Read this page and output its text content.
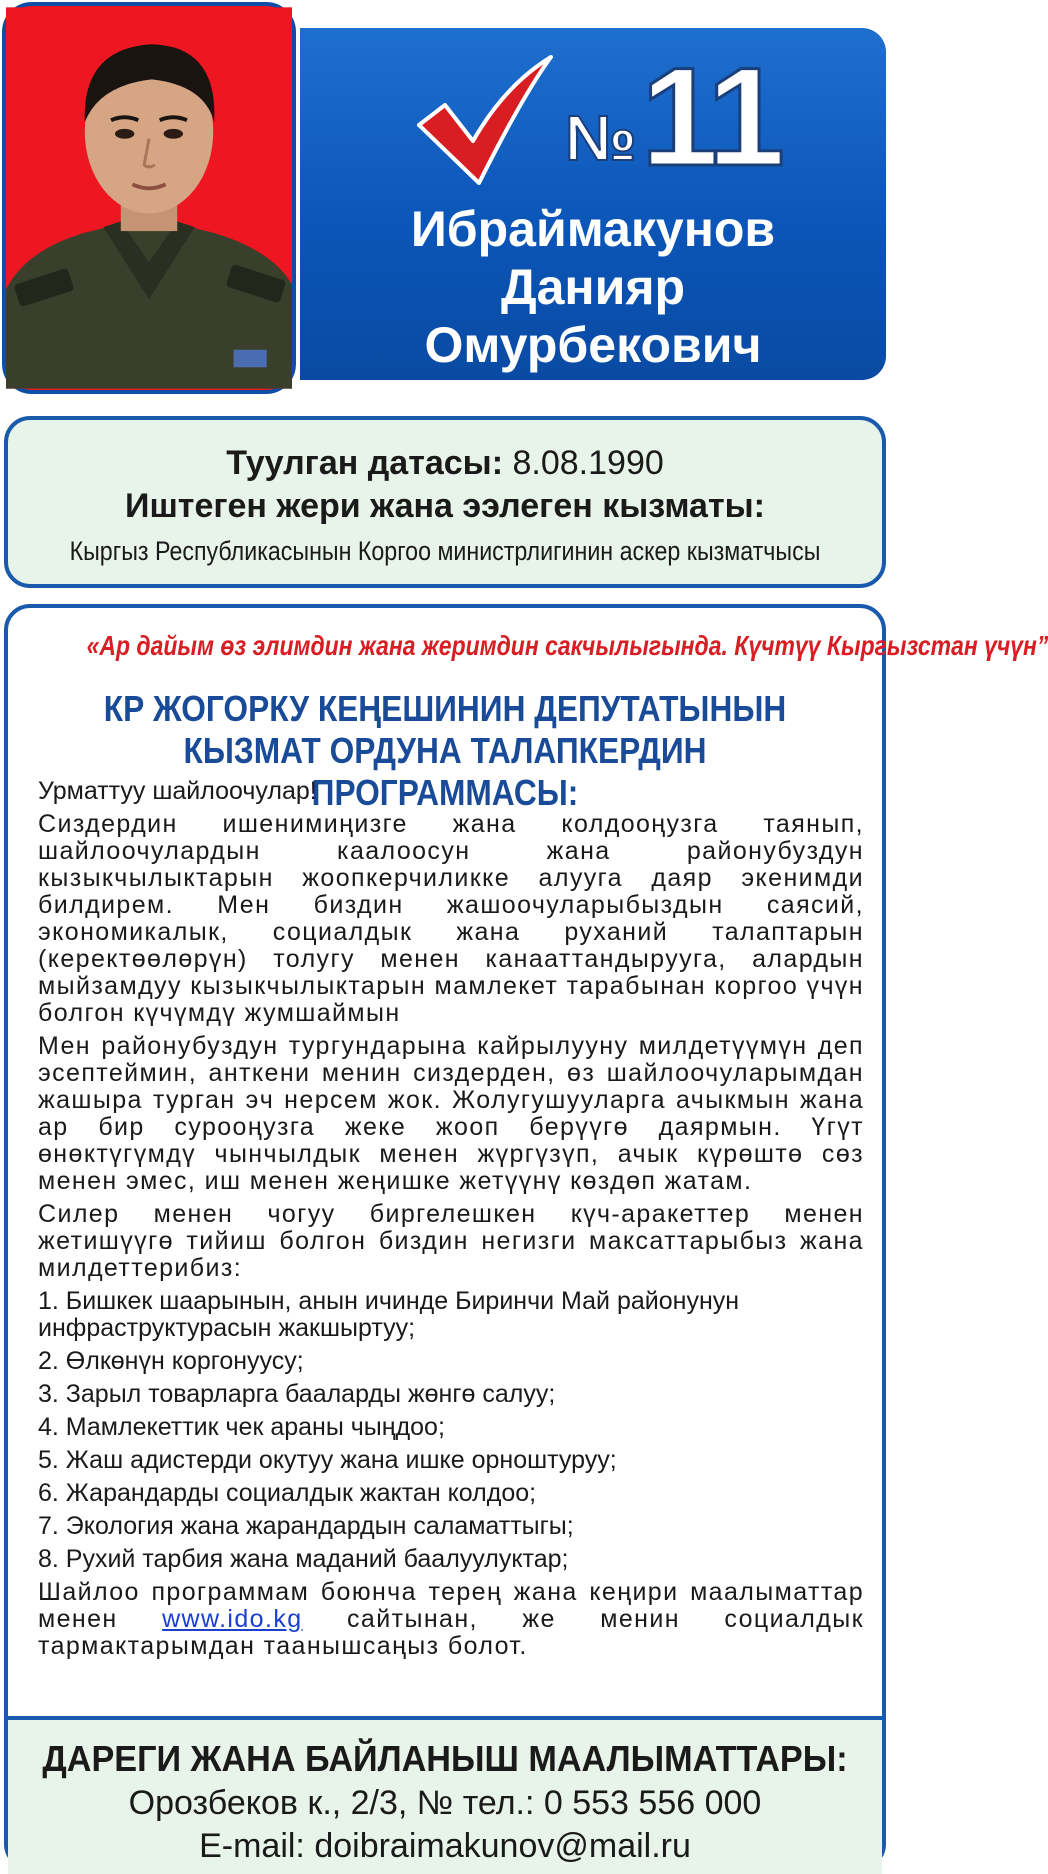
№ 11
Ибраймакунов
Данияр
Омурбекович
Туулган датасы: 8.08.1990
Иштеген жери жана ээлеген кызматы:
Кыргыз Республикасынын Коргоо министрлигинин аскер кызматчысы
«Ар дайым өз элимдин жана жеримдин сакчылыгында. Күчтүү Кыргызстан үчүн”
КР ЖОГОРКУ КЕҢЕШИНИН ДЕПУТАТЫНЫН
КЫЗМАТ ОРДУНА ТАЛАПКЕРДИН ПРОГРАММАСЫ:

Урматтуу шайлоочулар!

Сиздердин ишенимиңизге жана колдооңузга таянып, шайлоочулардын каалоосун жана районубуздун кызыкчылыктарын жоопкерчиликке алууга даяр экенимди билдирем. Мен биздин жашоочуларыбыздын саясий, экономикалык, социалдык жана руханий талаптарын (керектөөлөрүн) толугу менен канааттандырууга, алардын мыйзамдуу кызыкчылыктарын мамлекет тарабынан коргоо үчүн болгон күчүмдү жумшаймын

Мен районубуздун тургундарына кайрылууну милдетүүмүн деп эсептеймин, анткени менин сиздерден, өз шайлоочуларымдан жашыра турган эч нерсем жок. Жолугушууларга ачыкмын жана ар бир суроoңузга жеке жооп берүүгө даярмын. Үгүт өнөктүгүмдү чынчылдык менен жүргүзүп, ачык күрөштө сөз менен эмес, иш менен жеңишке жетүүнү көздөп жатам.

Силер менен чогуу биргелешкен күч-аракеттер менен жетишүүгө тийиш болгон биздин негизги максаттарыбыз жана милдеттерибиз:

1. Бишкек шаарынын, анын ичинде Биринчи Май районунун инфраструктурасын жакшыртуу;

2. Өлкөнүн коргонуусу;

3. Зарыл товарларга бааларды жөнгө салуу;

4. Мамлекеттик чек араны чыңдоо;

5. Жаш адистерди окутуу жана ишке орноштуруу;

6. Жарандарды социалдык жактан колдоо;

7. Экология жана жарандардын саламаттыгы;

8. Рухий тарбия жана маданий баалуулуктар;

Шайлоо программам боюнча терең жана кеңири маалыматтар менен www.ido.kg сайтынан, же менин социалдык тармактарымдан таанышсаңыз болот.

ДАРЕГИ ЖАНА БАЙЛАНЫШ МААЛЫМАТТАРЫ:
Орозбеков к., 2/3, № тел.: 0 553 556 000
E-mail: doibraimakunov@mail.ru
